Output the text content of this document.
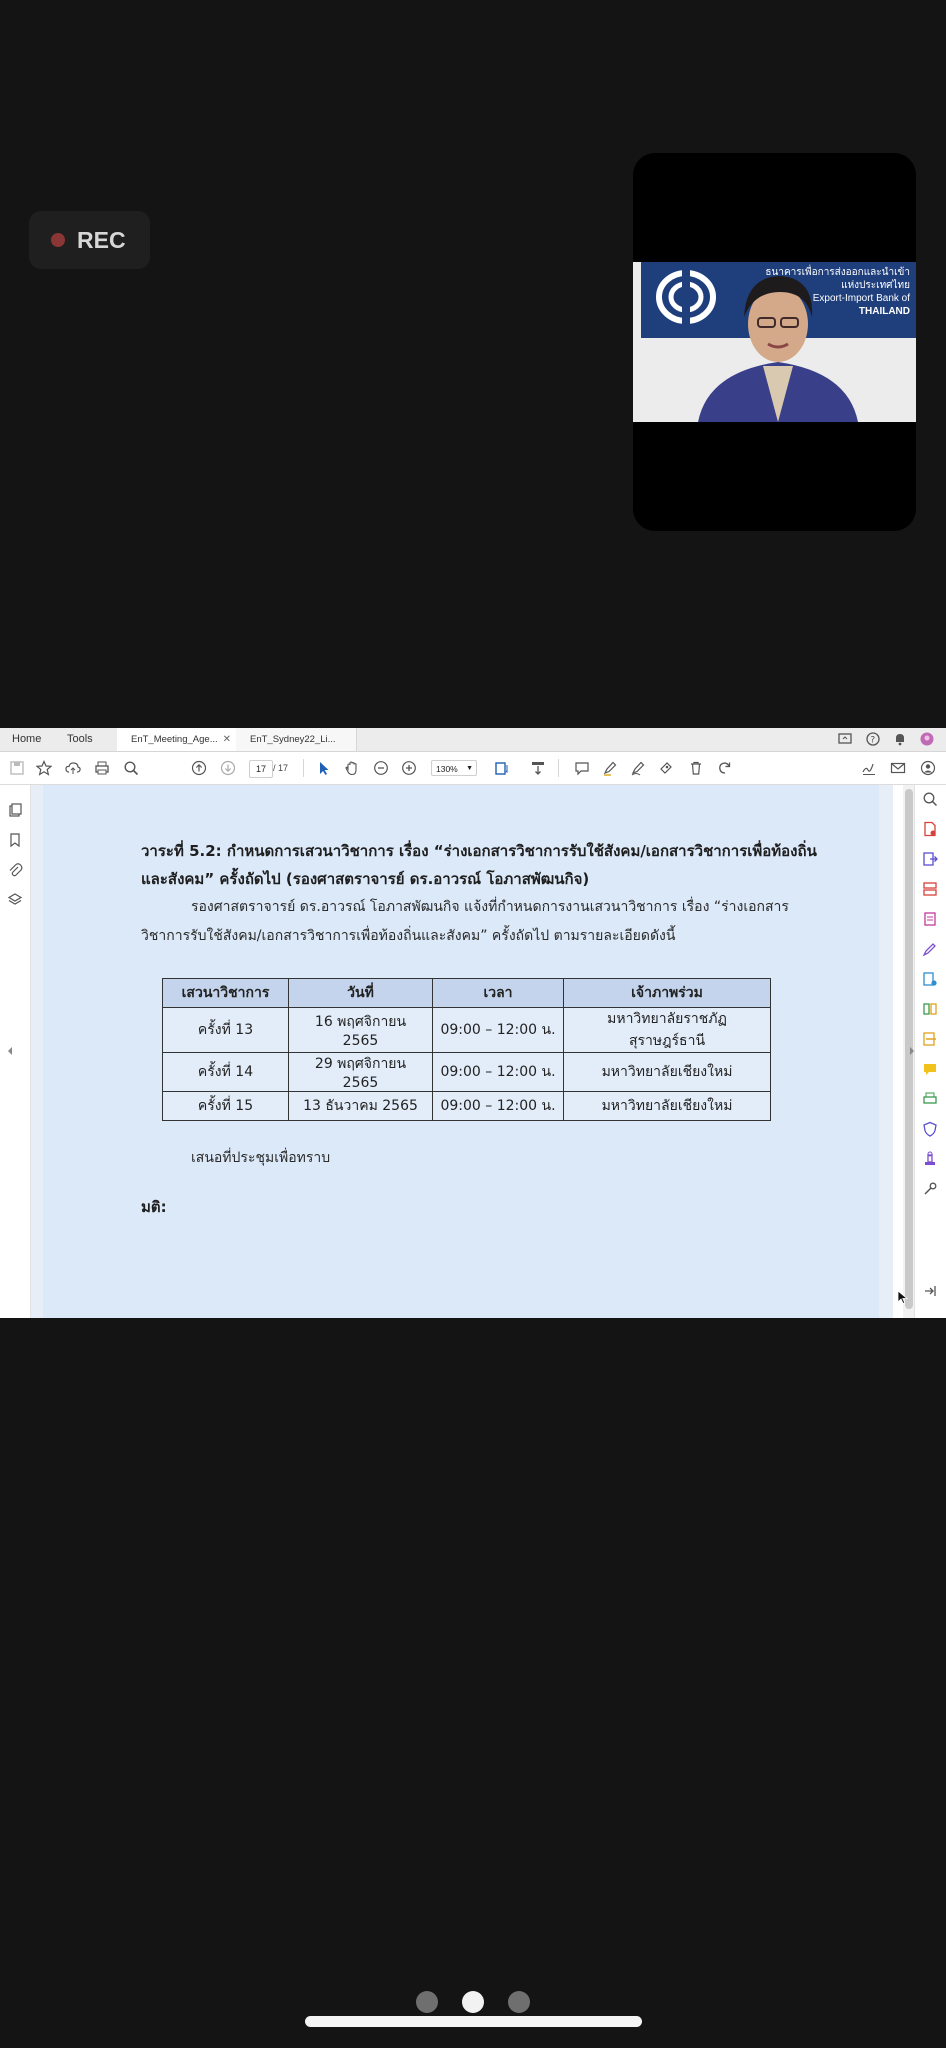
REC
ธนาคารเพื่อการส่งออกและนำเข้า
แห่งประเทศไทย
Export-Import Bank of
THAILAND
Home Tools	EnT_Meeting_Age... ✕	EnT_Sydney22_Li...	?
17 / 17	130% ▼
วาระที่ 5.2: กำหนดการเสวนาวิชาการ เรื่อง “ร่างเอกสารวิชาการรับใช้สังคม/เอกสารวิชาการเพื่อท้องถิ่น
และสังคม” ครั้งถัดไป (รองศาสตราจารย์ ดร.อาวรณ์ โอภาสพัฒนกิจ)
รองศาสตราจารย์ ดร.อาวรณ์ โอภาสพัฒนกิจ แจ้งที่กำหนดการงานเสวนาวิชาการ เรื่อง “ร่างเอกสาร
วิชาการรับใช้สังคม/เอกสารวิชาการเพื่อท้องถิ่นและสังคม” ครั้งถัดไป ตามรายละเอียดดังนี้
เสวนาวิชาการ	วันที่	เวลา	เจ้าภาพร่วม
ครั้งที่ 13	16 พฤศจิกายน 2565	09:00 – 12:00 น.	มหาวิทยาลัยราชภัฏสุราษฎร์ธานี
ครั้งที่ 14	29 พฤศจิกายน 2565	09:00 – 12:00 น.	มหาวิทยาลัยเชียงใหม่
ครั้งที่ 15	13 ธันวาคม 2565	09:00 – 12:00 น.	มหาวิทยาลัยเชียงใหม่
เสนอที่ประชุมเพื่อทราบ
มติ:
